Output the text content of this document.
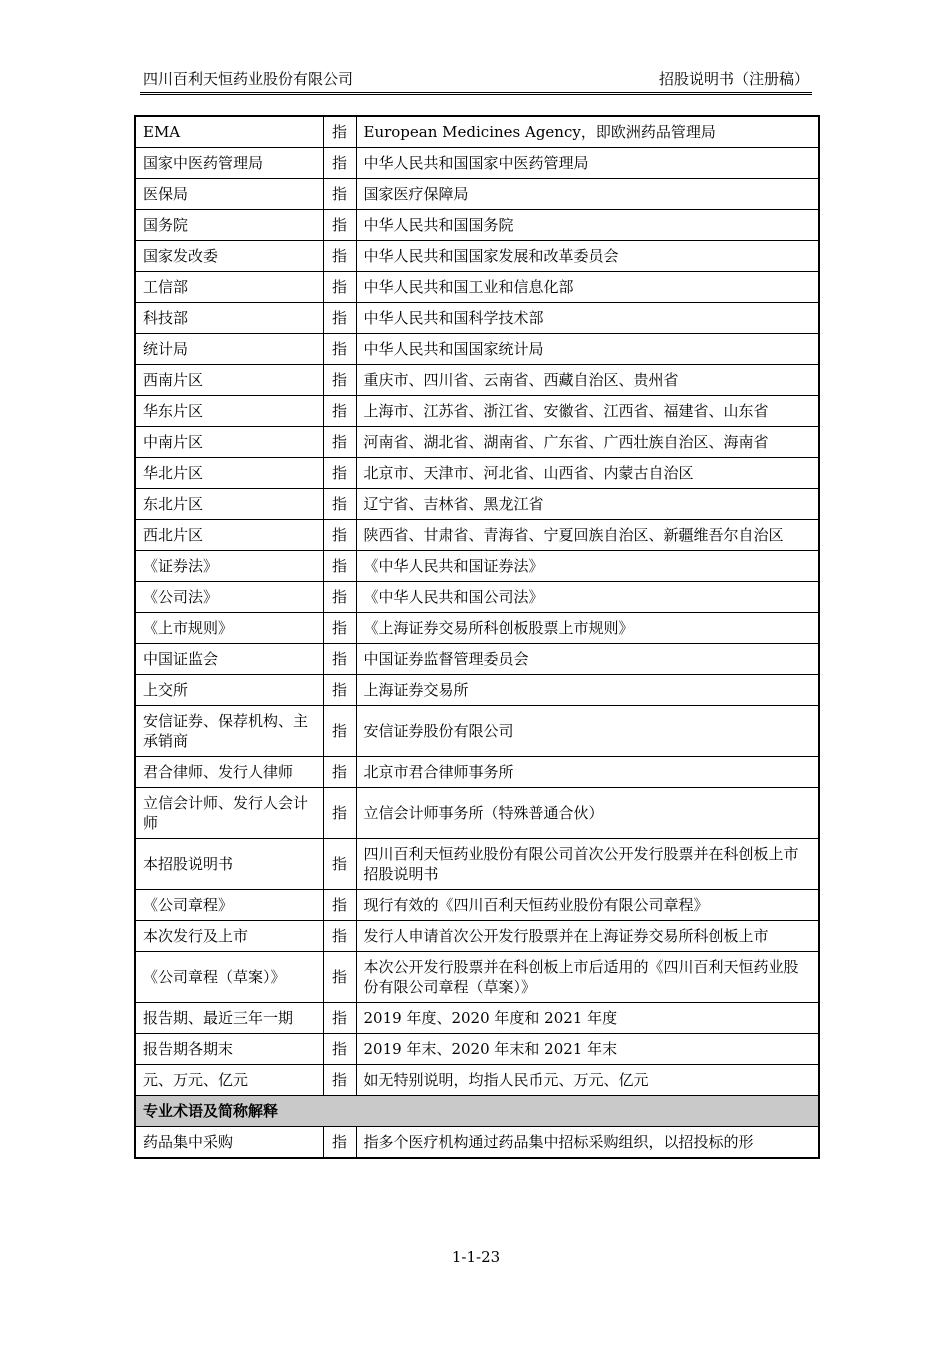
四川百利天恒药业股份有限公司	招股说明书（注册稿）
EMA	指	European Medicines Agency，即欧洲药品管理局
国家中医药管理局	指	中华人民共和国国家中医药管理局
医保局	指	国家医疗保障局
国务院	指	中华人民共和国国务院
国家发改委	指	中华人民共和国国家发展和改革委员会
工信部	指	中华人民共和国工业和信息化部
科技部	指	中华人民共和国科学技术部
统计局	指	中华人民共和国国家统计局
西南片区	指	重庆市、四川省、云南省、西藏自治区、贵州省
华东片区	指	上海市、江苏省、浙江省、安徽省、江西省、福建省、山东省
中南片区	指	河南省、湖北省、湖南省、广东省、广西壮族自治区、海南省
华北片区	指	北京市、天津市、河北省、山西省、内蒙古自治区
东北片区	指	辽宁省、吉林省、黑龙江省
西北片区	指	陕西省、甘肃省、青海省、宁夏回族自治区、新疆维吾尔自治区
《证券法》	指	《中华人民共和国证券法》
《公司法》	指	《中华人民共和国公司法》
《上市规则》	指	《上海证券交易所科创板股票上市规则》
中国证监会	指	中国证券监督管理委员会
上交所	指	上海证券交易所
安信证券、保荐机构、主承销商	指	安信证券股份有限公司
君合律师、发行人律师	指	北京市君合律师事务所
立信会计师、发行人会计师	指	立信会计师事务所（特殊普通合伙）
本招股说明书	指	四川百利天恒药业股份有限公司首次公开发行股票并在科创板上市招股说明书
《公司章程》	指	现行有效的《四川百利天恒药业股份有限公司章程》
本次发行及上市	指	发行人申请首次公开发行股票并在上海证券交易所科创板上市
《公司章程（草案）》	指	本次公开发行股票并在科创板上市后适用的《四川百利天恒药业股份有限公司章程（草案）》
报告期、最近三年一期	指	2019 年度、2020 年度和 2021 年度
报告期各期末	指	2019 年末、2020 年末和 2021 年末
元、万元、亿元	指	如无特别说明，均指人民币元、万元、亿元
专业术语及简称解释		
药品集中采购	指	指多个医疗机构通过药品集中招标采购组织，以招投标的形
1-1-23
